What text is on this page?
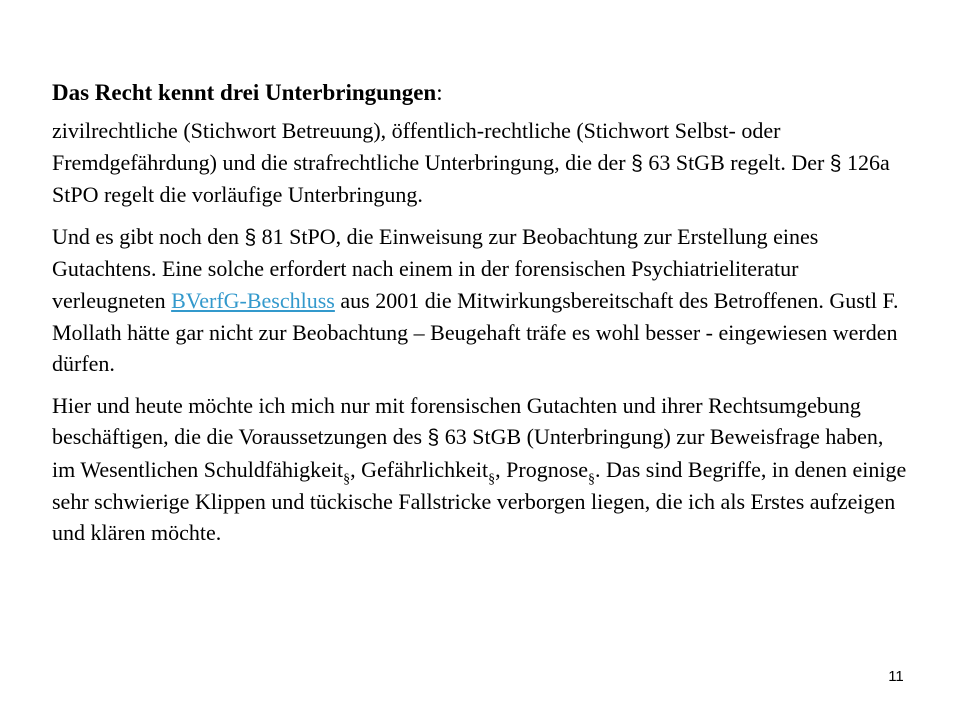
Das Recht kennt drei Unterbringungen:
zivilrechtliche (Stichwort Betreuung), öffentlich-rechtliche (Stichwort Selbst- oder Fremdgefährdung) und die strafrechtliche Unterbringung, die der § 63 StGB regelt. Der § 126a StPO regelt die vorläufige Unterbringung.
Und es gibt noch den § 81 StPO, die Einweisung zur Beobachtung zur Erstellung eines Gutachtens. Eine solche erfordert nach einem in der forensischen Psychiatrieliteratur verleugneten BVerfG-Beschluss aus 2001 die Mitwirkungsbereitschaft des Betroffenen. Gustl F. Mollath hätte gar nicht zur Beobachtung – Beugehaft träfe es wohl besser - eingewiesen werden dürfen.
Hier und heute möchte ich mich nur mit forensischen Gutachten und ihrer Rechtsumgebung beschäftigen, die die Voraussetzungen des § 63 StGB (Unterbringung) zur Beweisfrage haben, im Wesentlichen Schuldfähigkeit$_\S$, Gefährlichkeit$_\S$, Prognose$_\S$. Das sind Begriffe, in denen einige sehr schwierige Klippen und tückische Fallstricke verborgen liegen, die ich als Erstes aufzeigen und klären möchte.
11
